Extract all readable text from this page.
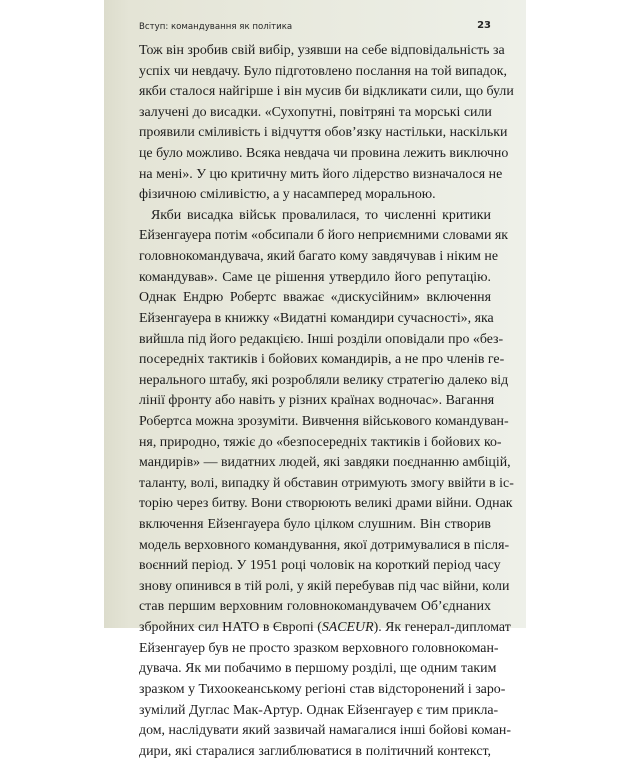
Вступ: командування як політика	23
Тож він зробив свій вибір, узявши на себе відповідальність за
успіх чи невдачу. Було підготовлено послання на той випадок,
якби сталося найгірше і він мусив би відкликати сили, що були
залучені до висадки. «Сухопутні, повітряні та морські сили
проявили сміливість і відчуття обов’язку настільки, наскільки
це було можливо. Всяка невдача чи провина лежить виключно
на мені». У цю критичну мить його лідерство визначалося не
фізичною сміливістю, а у насамперед моральною.
Якби висадка військ провалилася, то численні критики
Ейзенгауера потім «обсипали б його неприємними словами як
головнокомандувача, який багато кому завдячував і ніким не
командував». Саме це рішення утвердило його репутацію.
Однак Ендрю Робертс вважає «дискусійним» включення
Ейзенгауера в книжку «Видатні командири сучасності», яка
вийшла під його редакцією. Інші розділи оповідали про «без-
посередніх тактиків і бойових командирів, а не про членів ге-
нерального штабу, які розробляли велику стратегію далеко від
лінії фронту або навіть у різних країнах водночас». Вагання
Робертса можна зрозуміти. Вивчення військового командуван-
ня, природно, тяжіє до «безпосередніх тактиків і бойових ко-
мандирів» — видатних людей, які завдяки поєднанню амбіцій,
таланту, волі, випадку й обставин отримують змогу ввійти в іс-
торію через битву. Вони створюють великі драми війни. Однак
включення Ейзенгауера було цілком слушним. Він створив
модель верховного командування, якої дотримувалися в після-
воєнний період. У 1951 році чоловік на короткий період часу
знову опинився в тій ролі, у якій перебував під час війни, коли
став першим верховним головнокомандувачем Об’єднаних
збройних сил НАТО в Європі (SACEUR). Як генерал-дипломат
Ейзенгауер був не просто зразком верховного головнокоман-
дувача. Як ми побачимо в першому розділі, ще одним таким
зразком у Тихоокеанському регіоні став відсторонений і заро-
зумілий Дуглас Мак-Артур. Однак Ейзенгауер є тим прикла-
дом, наслідувати який зазвичай намагалися інші бойові коман-
дири, які старалися заглиблюватися в політичний контекст,
